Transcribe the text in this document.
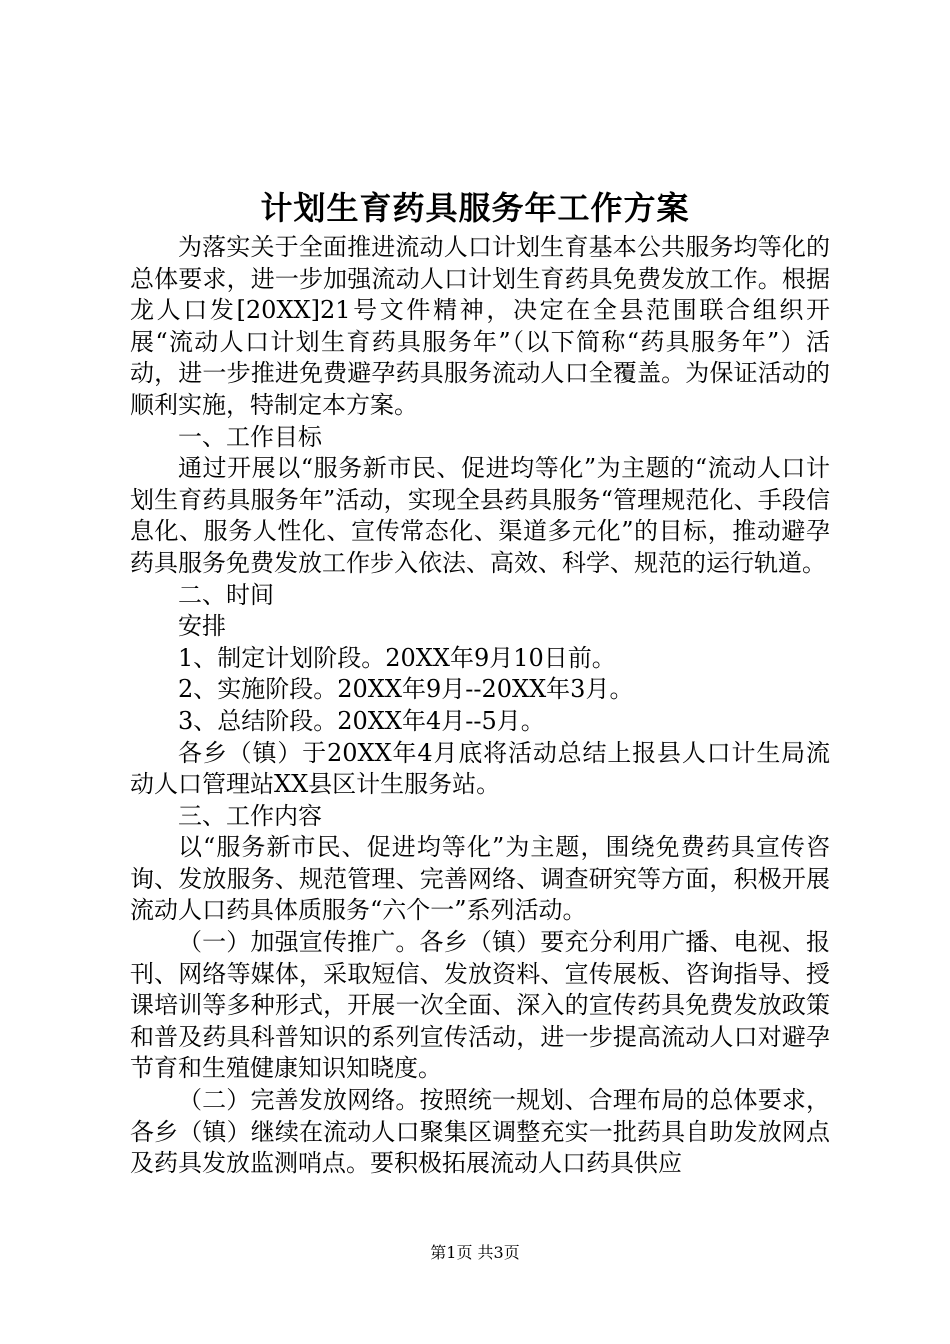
计划生育药具服务年工作方案

为落实关于全面推进流动人口计划生育基本公共服务均等化的总体要求，进一步加强流动人口计划生育药具免费发放工作。根据龙人口发[20XX]21号文件精神，决定在全县范围联合组织开展“流动人口计划生育药具服务年”（以下简称“药具服务年”）活动，进一步推进免费避孕药具服务流动人口全覆盖。为保证活动的顺利实施，特制定本方案。

一、工作目标

通过开展以“服务新市民、促进均等化”为主题的“流动人口计划生育药具服务年”活动，实现全县药具服务“管理规范化、手段信息化、服务人性化、宣传常态化、渠道多元化”的目标，推动避孕药具服务免费发放工作步入依法、高效、科学、规范的运行轨道。

二、时间

安排

1、制定计划阶段。20XX年9月10日前。

2、实施阶段。20XX年9月--20XX年3月。

3、总结阶段。20XX年4月--5月。

各乡（镇）于20XX年4月底将活动总结上报县人口计生局流动人口管理站XX县区计生服务站。

三、工作内容

以“服务新市民、促进均等化”为主题，围绕免费药具宣传咨询、发放服务、规范管理、完善网络、调查研究等方面，积极开展流动人口药具体质服务“六个一”系列活动。

（一）加强宣传推广。各乡（镇）要充分利用广播、电视、报刊、网络等媒体，采取短信、发放资料、宣传展板、咨询指导、授课培训等多种形式，开展一次全面、深入的宣传药具免费发放政策和普及药具科普知识的系列宣传活动，进一步提高流动人口对避孕节育和生殖健康知识知晓度。

（二）完善发放网络。按照统一规划、合理布局的总体要求，各乡（镇）继续在流动人口聚集区调整充实一批药具自助发放网点及药具发放监测哨点。要积极拓展流动人口药具供应

第1页 共3页
